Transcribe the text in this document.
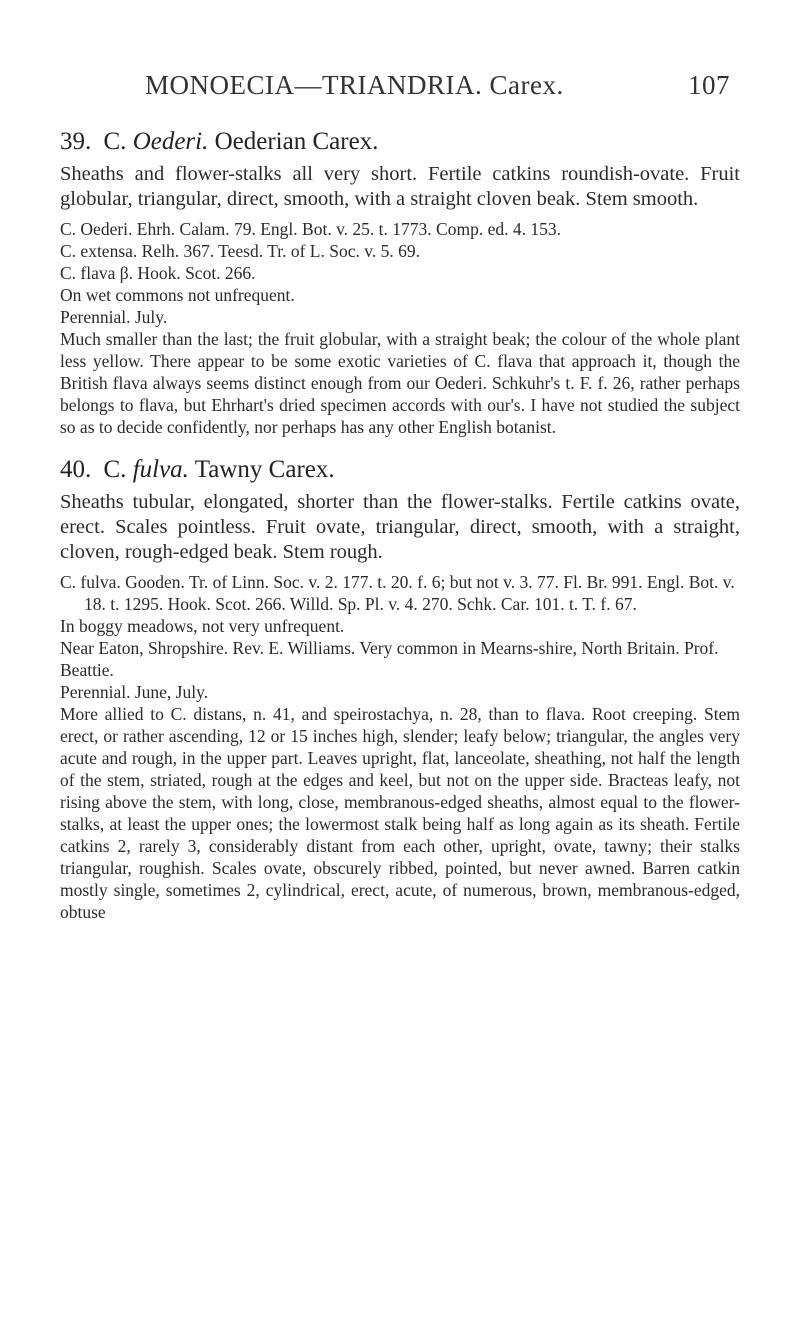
MONOECIA—TRIANDRIA. Carex.	107
39. C. Oederi. Oederian Carex.
Sheaths and flower-stalks all very short. Fertile catkins roundish-ovate. Fruit globular, triangular, direct, smooth, with a straight cloven beak. Stem smooth.
C. Oederi. Ehrh. Calam. 79. Engl. Bot. v. 25. t. 1773. Comp. ed. 4. 153.
C. extensa. Relh. 367. Teesd. Tr. of L. Soc. v. 5. 69.
C. flava β. Hook. Scot. 266.
On wet commons not unfrequent.
Perennial. July.
Much smaller than the last; the fruit globular, with a straight beak; the colour of the whole plant less yellow. There appear to be some exotic varieties of C. flava that approach it, though the British flava always seems distinct enough from our Oederi. Schkuhr's t. F. f. 26, rather perhaps belongs to flava, but Ehrhart's dried specimen accords with our's. I have not studied the subject so as to decide confidently, nor perhaps has any other English botanist.
40. C. fulva. Tawny Carex.
Sheaths tubular, elongated, shorter than the flower-stalks. Fertile catkins ovate, erect. Scales pointless. Fruit ovate, triangular, direct, smooth, with a straight, cloven, rough-edged beak. Stem rough.
C. fulva. Gooden. Tr. of Linn. Soc. v. 2. 177. t. 20. f. 6; but not v. 3. 77. Fl. Br. 991. Engl. Bot. v. 18. t. 1295. Hook. Scot. 266. Willd. Sp. Pl. v. 4. 270. Schk. Car. 101. t. T. f. 67.
In boggy meadows, not very unfrequent.
Near Eaton, Shropshire. Rev. E. Williams. Very common in Mearns-shire, North Britain. Prof. Beattie.
Perennial. June, July.
More allied to C. distans, n. 41, and speirostachya, n. 28, than to flava. Root creeping. Stem erect, or rather ascending, 12 or 15 inches high, slender; leafy below; triangular, the angles very acute and rough, in the upper part. Leaves upright, flat, lanceolate, sheathing, not half the length of the stem, striated, rough at the edges and keel, but not on the upper side. Bracteas leafy, not rising above the stem, with long, close, membranous-edged sheaths, almost equal to the flower-stalks, at least the upper ones; the lowermost stalk being half as long again as its sheath. Fertile catkins 2, rarely 3, considerably distant from each other, upright, ovate, tawny; their stalks triangular, roughish. Scales ovate, obscurely ribbed, pointed, but never awned. Barren catkin mostly single, sometimes 2, cylindrical, erect, acute, of numerous, brown, membranous-edged, obtuse
